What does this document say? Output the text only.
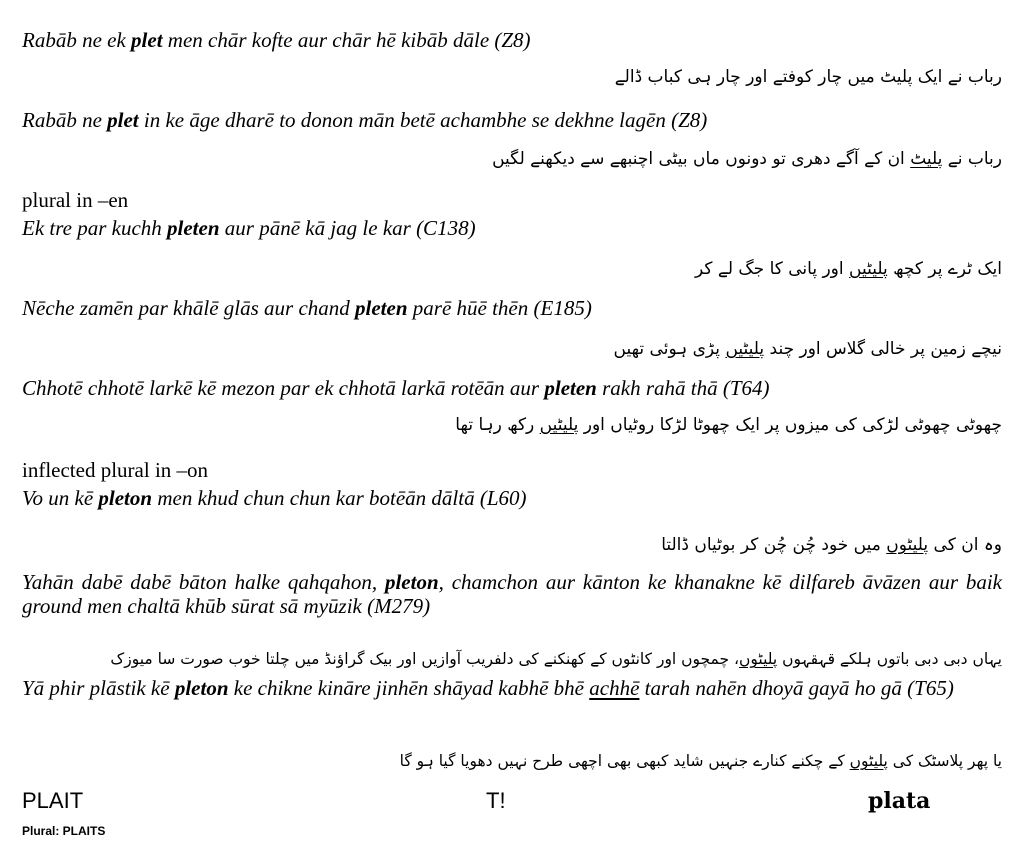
Rabāb ne ek plet men chār kofte aur chār hē kibāb dāle (Z8)
رباب نے ایک پلیٹ میں چار کوفتے اور چار ہی کباب ڈالے
Rabāb ne plet in ke āge dharē to donon mān betē achambhe se dekhne lagēn (Z8)
رباب نے پلیٹ ان کے آگے دھری تو دونوں ماں بیٹی اچنبھے سے دیکھنے لگیں
plural in –en
Ek tre par kuchh pleten aur pānē kā jag le kar (C138)
ایک ٹرے پر کچھ پلیٹیں اور پانی کا جگ لے کر
Nēche zamēn par khālē glās aur chand pleten parē hūē thēn (E185)
نیچے زمین پر خالی گلاس اور چند پلیٹیں پڑی ہوئی تھیں
Chhotē chhotē larkē kē mezon par ek chhotā larkā rotēān aur pleten rakh rahā thā (T64)
چھوٹی چھوٹی لڑکی کی میزوں پر ایک چھوٹا لڑکا روٹیاں اور پلیٹیں رکھ رہا تھا
inflected plural in –on
Vo un kē pleton men khud chun chun kar botēān dāltā (L60)
وہ ان کی پلیٹوں میں خود چُن چُن کر بوٹیاں ڈالتا
Yahān dabē dabē bāton halke qahqahon, pleton, chamchon aur kānton ke khanakne kē dilfareb āvāzen aur baik ground men chaltā khūb sūrat sā myūzik (M279)
یہاں دبی دبی باتوں ہلکے قہقہوں پلیٹوں، چمچوں اور کانٹوں کے کھنکنے کی دلفریب آوازیں اور بیک گراؤنڈ میں چلتا خوب صورت سا میوزک
Yā phir plāstik kē pleton ke chikne kināre jinhēn shāyad kabhē bhē achhē tarah nahēn dhoyā gayā ho gā (T65)
یا پھر پلاسٹک کی پلیٹوں کے چکنے کنارے جنہیں شاید کبھی بھی اچھی طرح نہیں دھویا گیا ہو گا
PLAIT	T!	plata
Plural: PLAITS
